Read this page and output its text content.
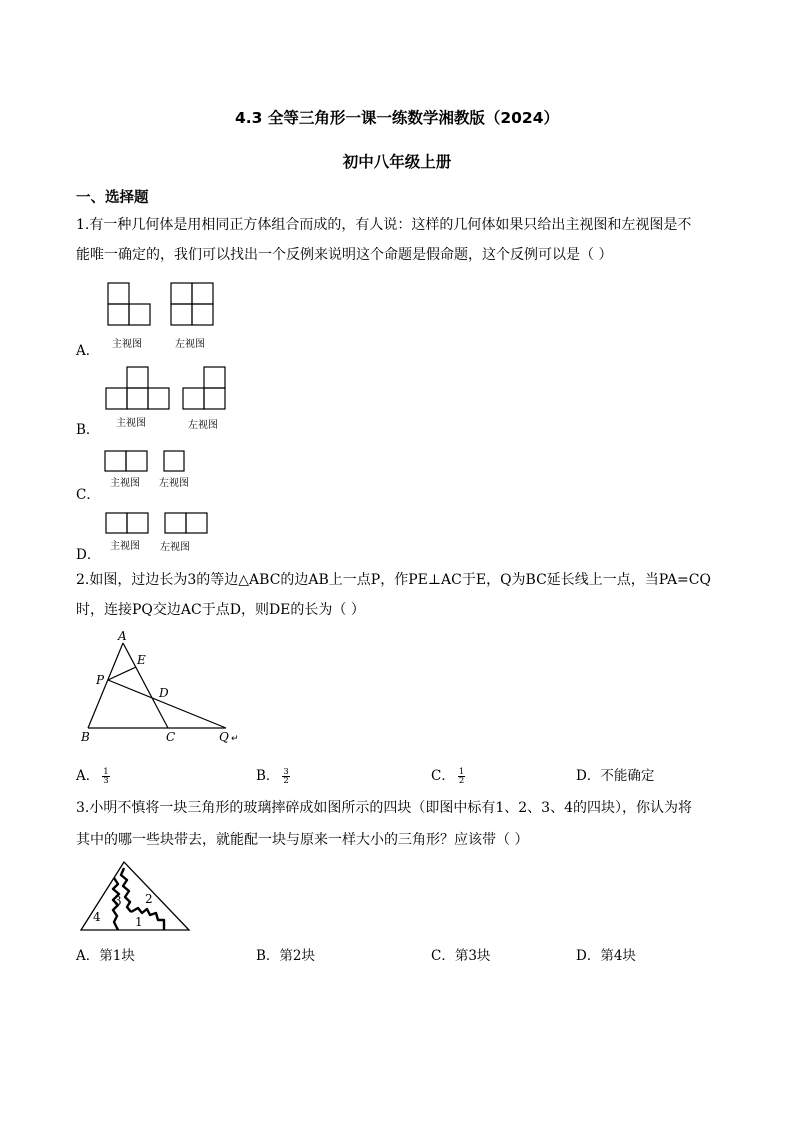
4.3 全等三角形一课一练数学湘教版（2024）
初中八年级上册
一、选择题
1.有一种几何体是用相同正方体组合而成的，有人说：这样的几何体如果只给出主视图和左视图是不
能唯一确定的，我们可以找出一个反例来说明这个命题是假命题，这个反例可以是（ ）
A． 主视图	左视图
B． 主视图	左视图
C．
主视图 左视图
D．
主视图 左视图
2.如图，过边长为3的等边△ABC的边AB上一点P，作PE⊥AC于E，Q为BC延长线上一点，当PA=CQ
时，连接PQ交边AC于点D，则DE的长为（ ）
A
E
P
D
B	C	Q ↵
A． $\frac{1}{3}$	B． $\frac{3}{2}$	C． $\frac{1}{2}$	D．不能确定
3.小明不慎将一块三角形的玻璃摔碎成如图所示的四块（即图中标有1、2、3、4的四块），你认为将
其中的哪一些块带去，就能配一块与原来一样大小的三角形？应该带（ ）
1
2
3
4
A．第1块	B．第2块	C．第3块	D．第4块
